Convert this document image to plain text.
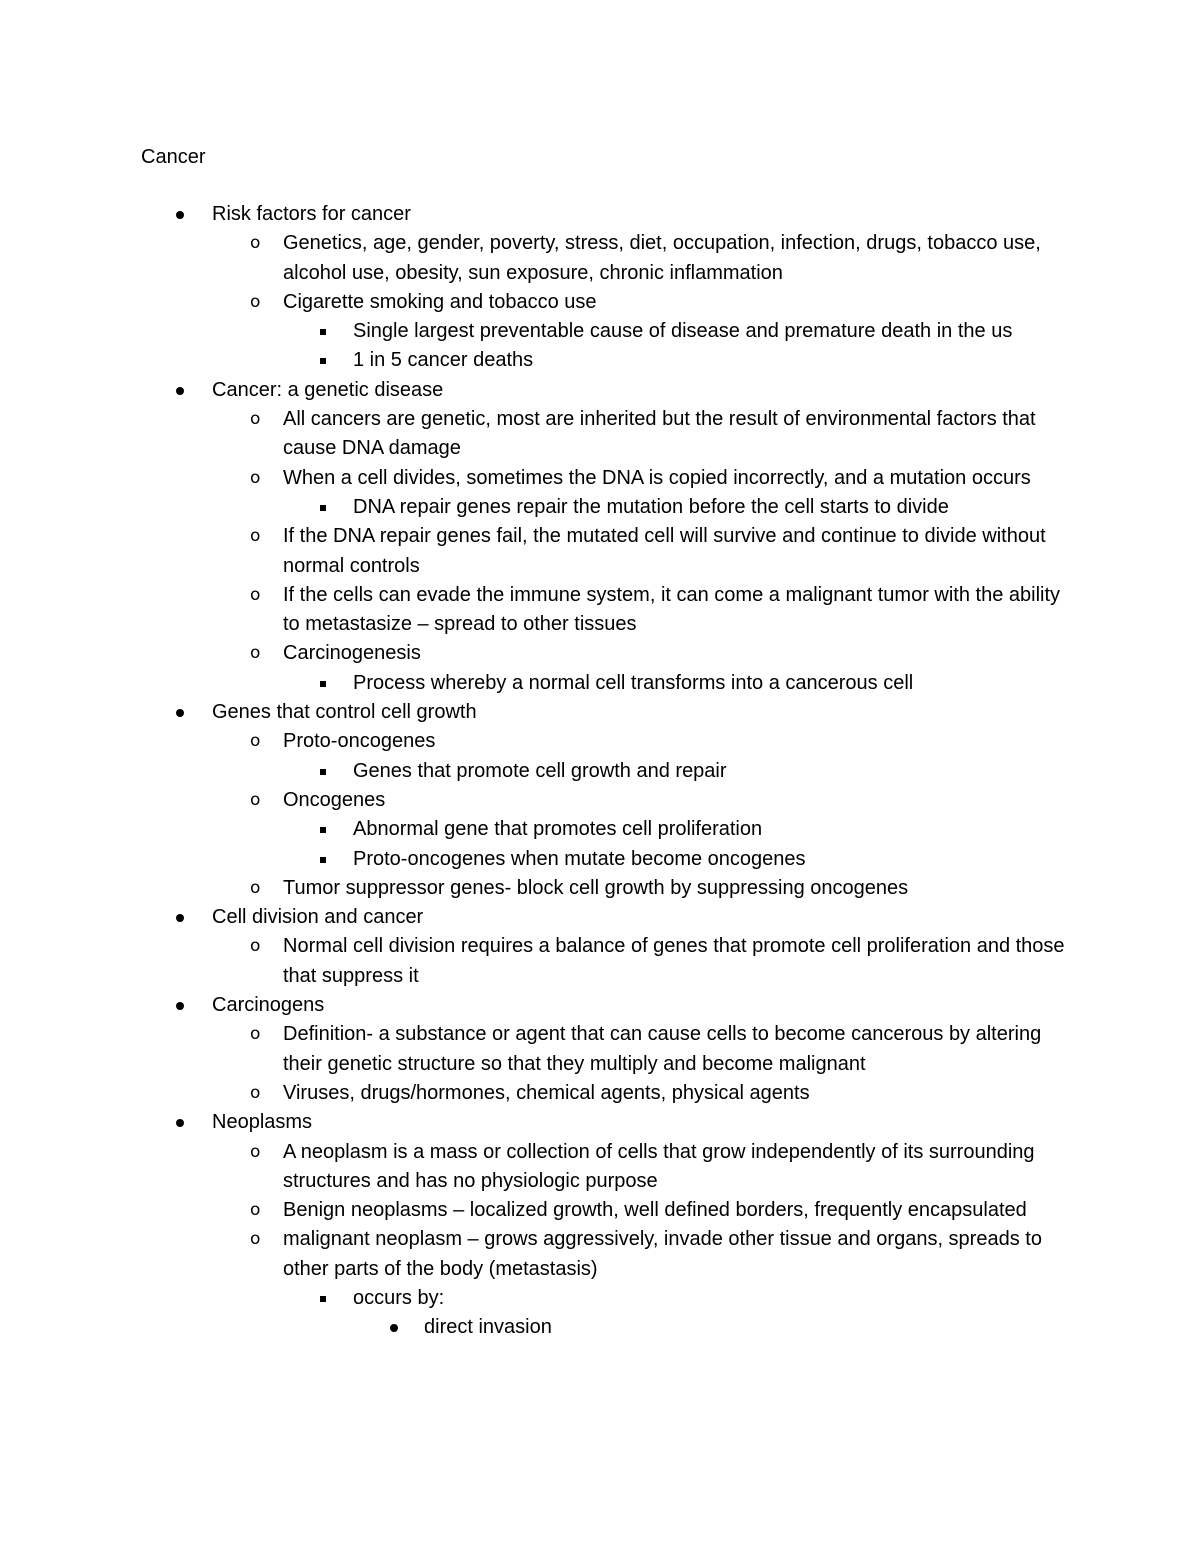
Cancer
Risk factors for cancer
Genetics, age, gender, poverty, stress, diet, occupation, infection, drugs, tobacco use, alcohol use, obesity, sun exposure, chronic inflammation
Cigarette smoking and tobacco use
Single largest preventable cause of disease and premature death in the us
1 in 5 cancer deaths
Cancer: a genetic disease
All cancers are genetic, most are inherited but the result of environmental factors that cause DNA damage
When a cell divides, sometimes the DNA is copied incorrectly, and a mutation occurs
DNA repair genes repair the mutation before the cell starts to divide
If the DNA repair genes fail, the mutated cell will survive and continue to divide without normal controls
If the cells can evade the immune system, it can come a malignant tumor with the ability to metastasize – spread to other tissues
Carcinogenesis
Process whereby a normal cell transforms into a cancerous cell
Genes that control cell growth
Proto-oncogenes
Genes that promote cell growth and repair
Oncogenes
Abnormal gene that promotes cell proliferation
Proto-oncogenes when mutate become oncogenes
Tumor suppressor genes- block cell growth by suppressing oncogenes
Cell division and cancer
Normal cell division requires a balance of genes that promote cell proliferation and those that suppress it
Carcinogens
Definition- a substance or agent that can cause cells to become cancerous by altering their genetic structure so that they multiply and become malignant
Viruses, drugs/hormones, chemical agents, physical agents
Neoplasms
A neoplasm is a mass or collection of cells that grow independently of its surrounding structures and has no physiologic purpose
Benign neoplasms – localized growth, well defined borders, frequently encapsulated
malignant neoplasm – grows aggressively, invade other tissue and organs, spreads to other parts of the body (metastasis)
occurs by:
direct invasion
